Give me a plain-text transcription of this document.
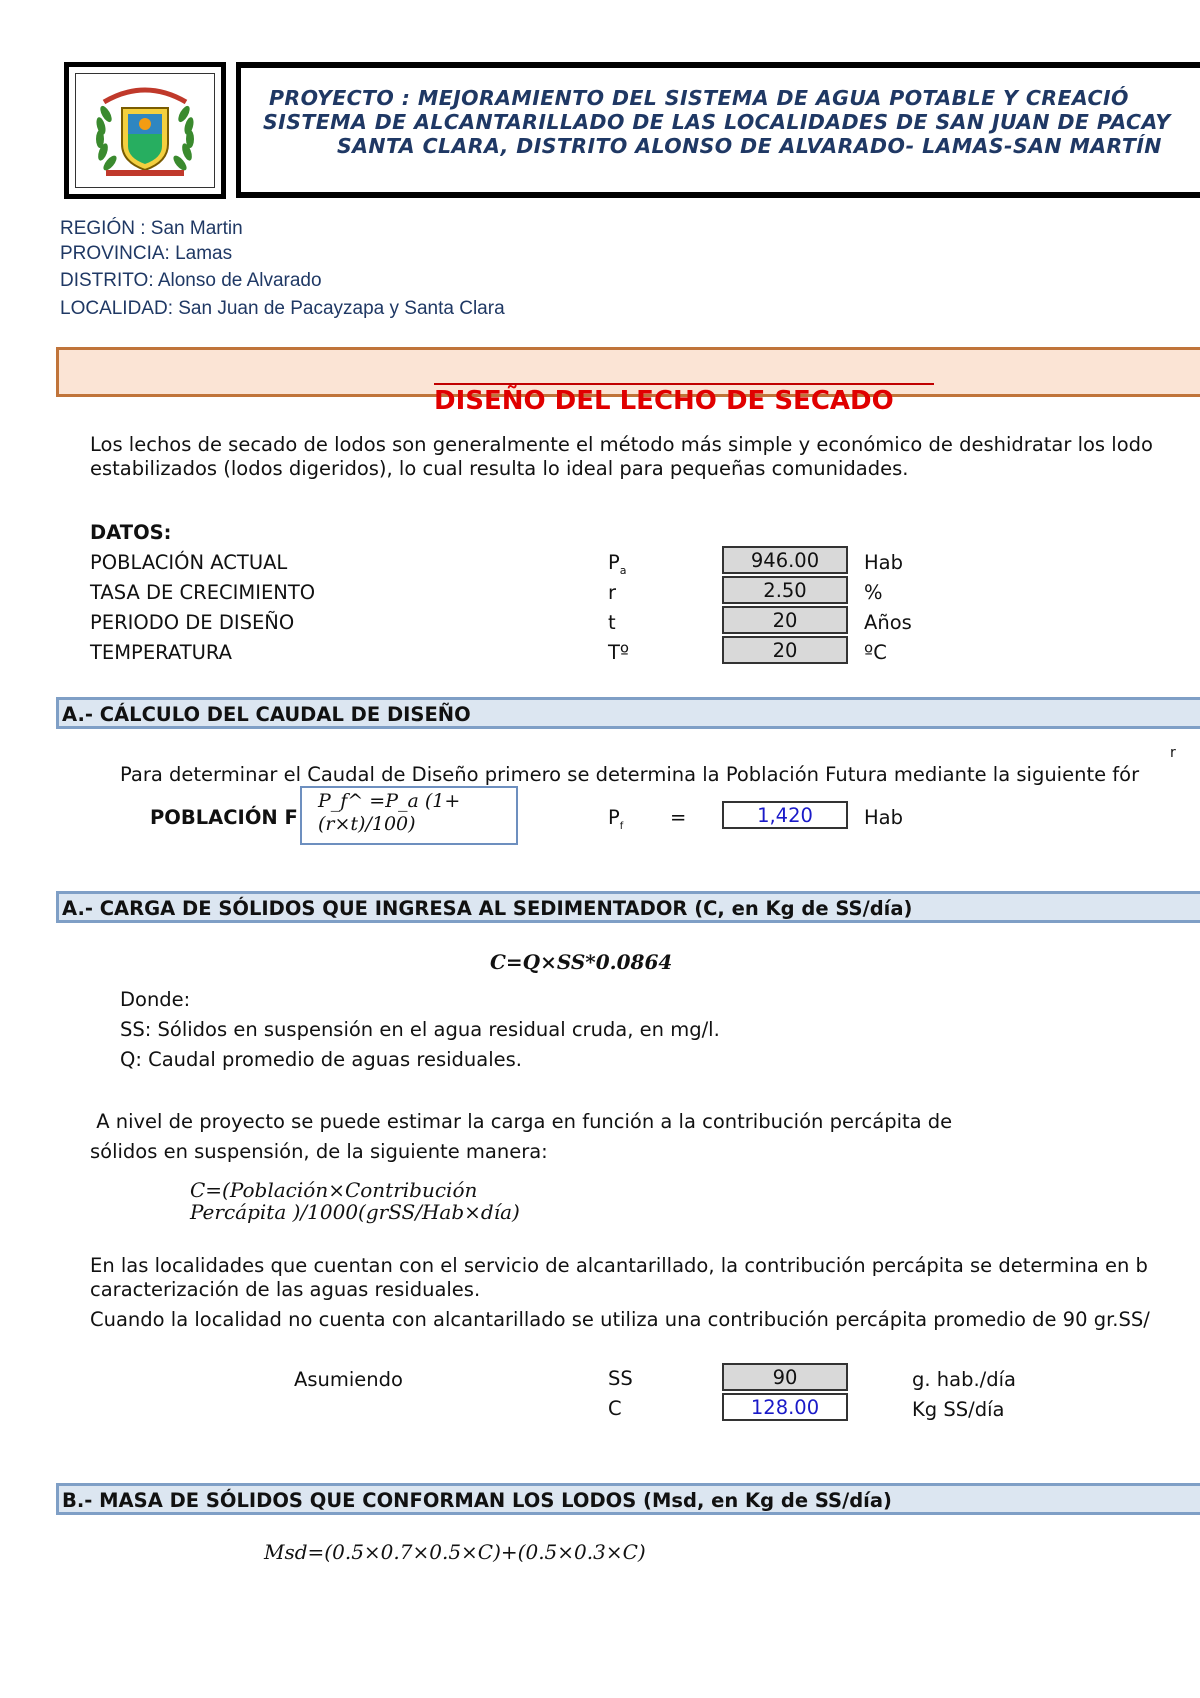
PROYECTO : MEJORAMIENTO DEL SISTEMA DE AGUA POTABLE Y CREACIÓ
SISTEMA DE ALCANTARILLADO DE LAS LOCALIDADES DE SAN JUAN DE PACAY
SANTA CLARA, DISTRITO ALONSO DE ALVARADO- LAMAS-SAN MARTÍN
REGIÓN : San Martin
PROVINCIA: Lamas
DISTRITO: Alonso de Alvarado
LOCALIDAD: San Juan de Pacayzapa y Santa Clara
DISEÑO DEL LECHO DE SECADO
Los lechos de secado de lodos son generalmente el método más simple y económico de deshidratar los lodo
estabilizados (lodos digeridos), lo cual resulta lo ideal para pequeñas comunidades.
DATOS:
POBLACIÓN ACTUAL	$P_a$	946.00	Hab
TASA DE CRECIMIENTO	r	2.50	%
PERIODO DE DISEÑO	t	20	Años
TEMPERATURA	Tº	20	ºC
A.- CÁLCULO DEL CAUDAL DE DISEÑO
Para determinar el Caudal de Diseño primero se determina la Población Futura mediante la siguiente fór
r
POBLACIÓN F
P_f^ =P_a (1+
(r×t)/100)	$P_f$ =	1,420	Hab
A.- CARGA DE SÓLIDOS QUE INGRESA AL SEDIMENTADOR (C, en Kg de SS/día)
C=Q×SS*0.0864
Donde:
SS: Sólidos en suspensión en el agua residual cruda, en mg/l.
Q: Caudal promedio de aguas residuales.
A nivel de proyecto se puede estimar la carga en función a la contribución percápita de
sólidos en suspensión, de la siguiente manera:
C=(Población×Contribución
Percápita )/1000(grSS/Hab×día)
En las localidades que cuentan con el servicio de alcantarillado, la contribución percápita se determina en b
caracterización de las aguas residuales.
Cuando la localidad no cuenta con alcantarillado se utiliza una contribución percápita promedio de 90 gr.SS/
Asumiendo	SS	90	g. hab./día
C	128.00	Kg SS/día
B.- MASA DE SÓLIDOS QUE CONFORMAN LOS LODOS (Msd, en Kg de SS/día)
Msd=(0.5×0.7×0.5×C)+(0.5×0.3×C)
